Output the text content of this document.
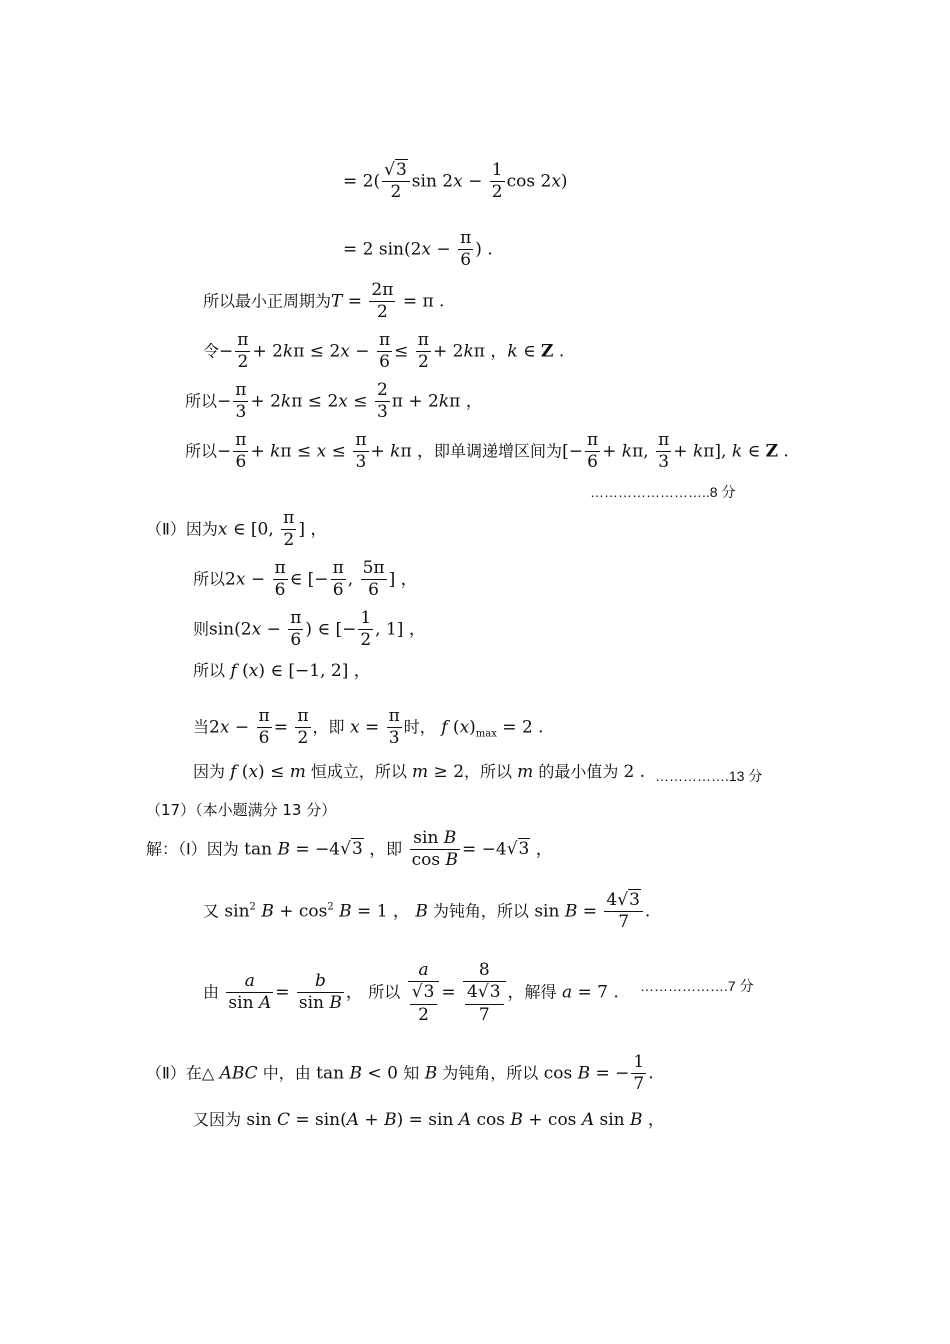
= $2( \frac{√3}{2}$ $\sin 2x - \frac{1}{2}$ cos 2x)
= 2 $\sin(2x - \frac{\pi}{6}$ ) .
所以最小正周期为$T = \frac{2\pi}{2} = \pi$ .
令− $\frac{\pi}{2} + 2k\pi \le 2x - \frac{\pi}{6} \le \frac{\pi}{2} + 2k\pi$ ，k ∈ Z .
所以− $\frac{\pi}{3} + 2k\pi \le 2x \le \frac{2}{3}$ π + 2kπ ，
所以− $\frac{\pi}{6} + k\pi \le x \le \frac{\pi}{3} + k\pi$ ，即单调递增区间为[− $\frac{\pi}{6} + k\pi$, $\frac{\pi}{3} + k\pi$], k ∈ Z .
……………………..8 分
（Ⅱ）因为x ∈ [0, $\frac{\pi}{2}$ ] ，
所以$2x - \frac{\pi}{6}$ ∈ [− $\frac{\pi}{6}$ , $\frac{5\pi}{6}$ ] ，
则$\sin(2x - \frac{\pi}{6}$ ) ∈ [− $\frac{1}{2}$ , 1] ，
所以 f (x) ∈ [−1, 2] ，
当$2x - \frac{\pi}{6} = \frac{\pi}{2}$ ，即 $x = \frac{\pi}{3}$ 时， f $(x)_{max} = 2$ .
因为 f (x) ≤ m 恒成立，所以 m ≥ 2，所以 m 的最小值为 2 . …………….13 分
（17）（本小题满分 13 分）
解：（Ⅰ）因为 tan B = −4√3 ，即 $\frac{\text{sin B}}{\text{cos B}} = -4√3$ ，
又 $\sin^2 B + \cos^2 B = 1$ ， B 为钝角，所以 $\sin B = \frac{4√3}{7}$ .
由 $\frac{a}{\text{sin A}} = \frac{b}{\text{sin B}}$ ， 所以 $\frac{a}{\frac{√3}{2}} = \frac{8}{\frac{4√3}{7}}$ ，解得 a = 7 . ……………….7 分
（Ⅱ）在△ ABC 中，由 tan B < 0 知 B 为钝角，所以 cos B = − $\frac{1}{7}$ .
又因为 sin C = sin(A + B) = sin A cos B + cos A sin B ，
